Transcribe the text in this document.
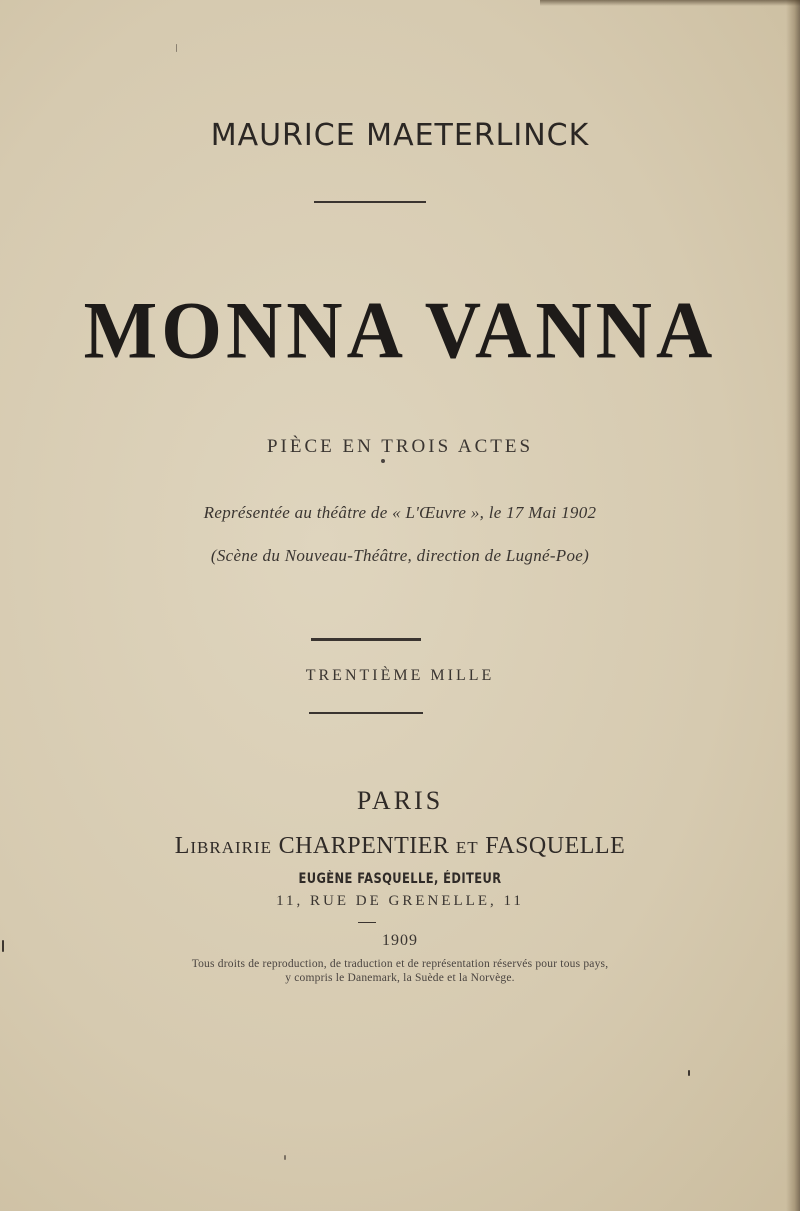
MAURICE MAETERLINCK
MONNA VANNA
PIÈCE EN TROIS ACTES
Représentée au théâtre de « L'Œuvre », le 17 Mai 1902
(Scène du Nouveau-Théâtre, direction de Lugné-Poe)
TRENTIÈME MILLE
PARIS
Librairie CHARPENTIER et FASQUELLE
EUGÈNE FASQUELLE, ÉDITEUR
11, RUE DE GRENELLE, 11
1909
Tous droits de reproduction, de traduction et de représentation réservés pour tous pays,
y compris le Danemark, la Suède et la Norvège.
